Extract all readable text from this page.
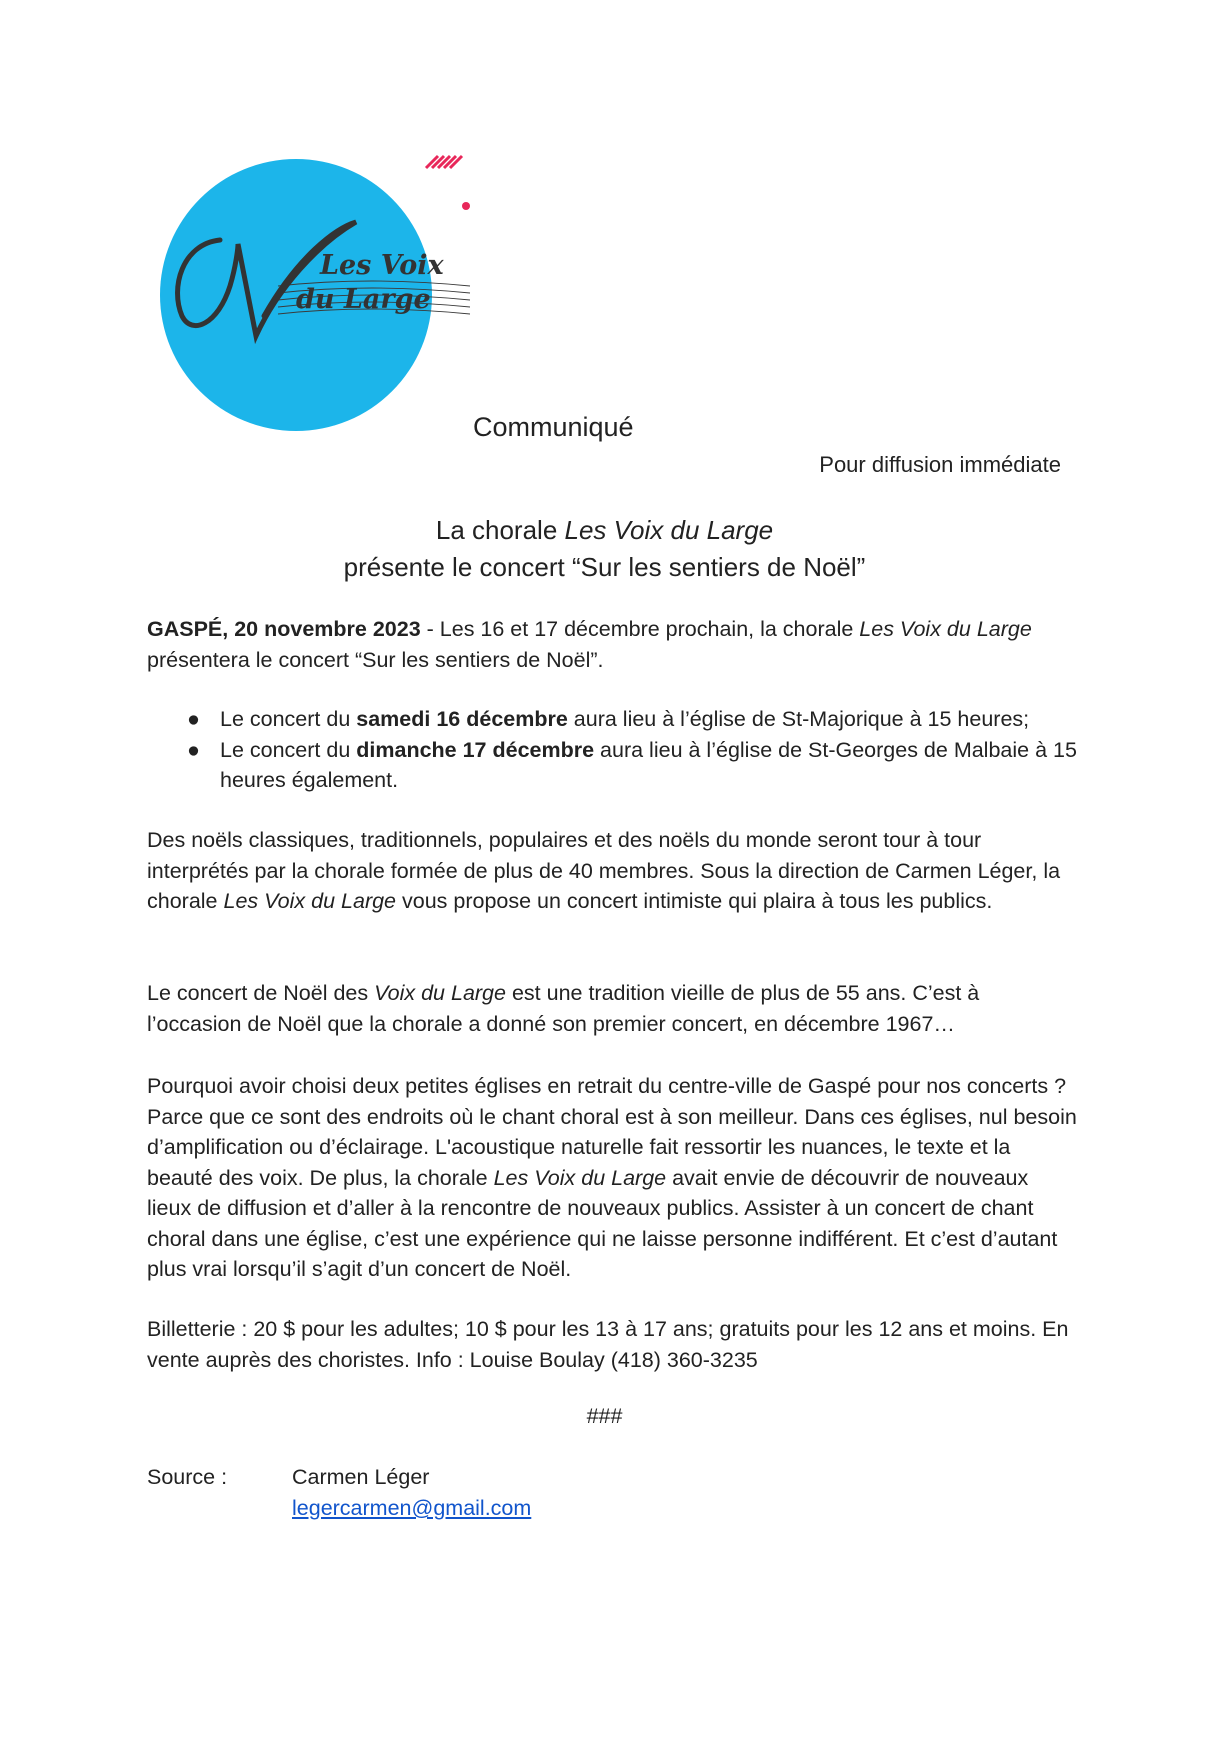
Les Voix
du Large
Communiqué
Pour diffusion immédiate
La chorale Les Voix du Large
présente le concert “Sur les sentiers de Noël”
GASPÉ, 20 novembre 2023 - Les 16 et 17 décembre prochain, la chorale Les Voix du Large présentera le concert “Sur les sentiers de Noël”.
● Le concert du samedi 16 décembre aura lieu à l’église de St-Majorique à 15 heures;
● Le concert du dimanche 17 décembre aura lieu à l’église de St-Georges de Malbaie à 15 heures également.
Des noëls classiques, traditionnels, populaires et des noëls du monde seront tour à tour interprétés par la chorale formée de plus de 40 membres. Sous la direction de Carmen Léger, la chorale Les Voix du Large vous propose un concert intimiste qui plaira à tous les publics.
Le concert de Noël des Voix du Large est une tradition vieille de plus de 55 ans. C’est à l’occasion de Noël que la chorale a donné son premier concert, en décembre 1967…
Pourquoi avoir choisi deux petites églises en retrait du centre-ville de Gaspé pour nos concerts ? Parce que ce sont des endroits où le chant choral est à son meilleur. Dans ces églises, nul besoin d’amplification ou d’éclairage. L'acoustique naturelle fait ressortir les nuances, le texte et la beauté des voix. De plus, la chorale Les Voix du Large avait envie de découvrir de nouveaux lieux de diffusion et d’aller à la rencontre de nouveaux publics. Assister à un concert de chant choral dans une église, c’est une expérience qui ne laisse personne indifférent. Et c’est d’autant plus vrai lorsqu’il s’agit d’un concert de Noël.
Billetterie : 20 $ pour les adultes; 10 $ pour les 13 à 17 ans; gratuits pour les 12 ans et moins. En vente auprès des choristes. Info : Louise Boulay (418) 360-3235
###
Source :	Carmen Léger
legercarmen@gmail.com
